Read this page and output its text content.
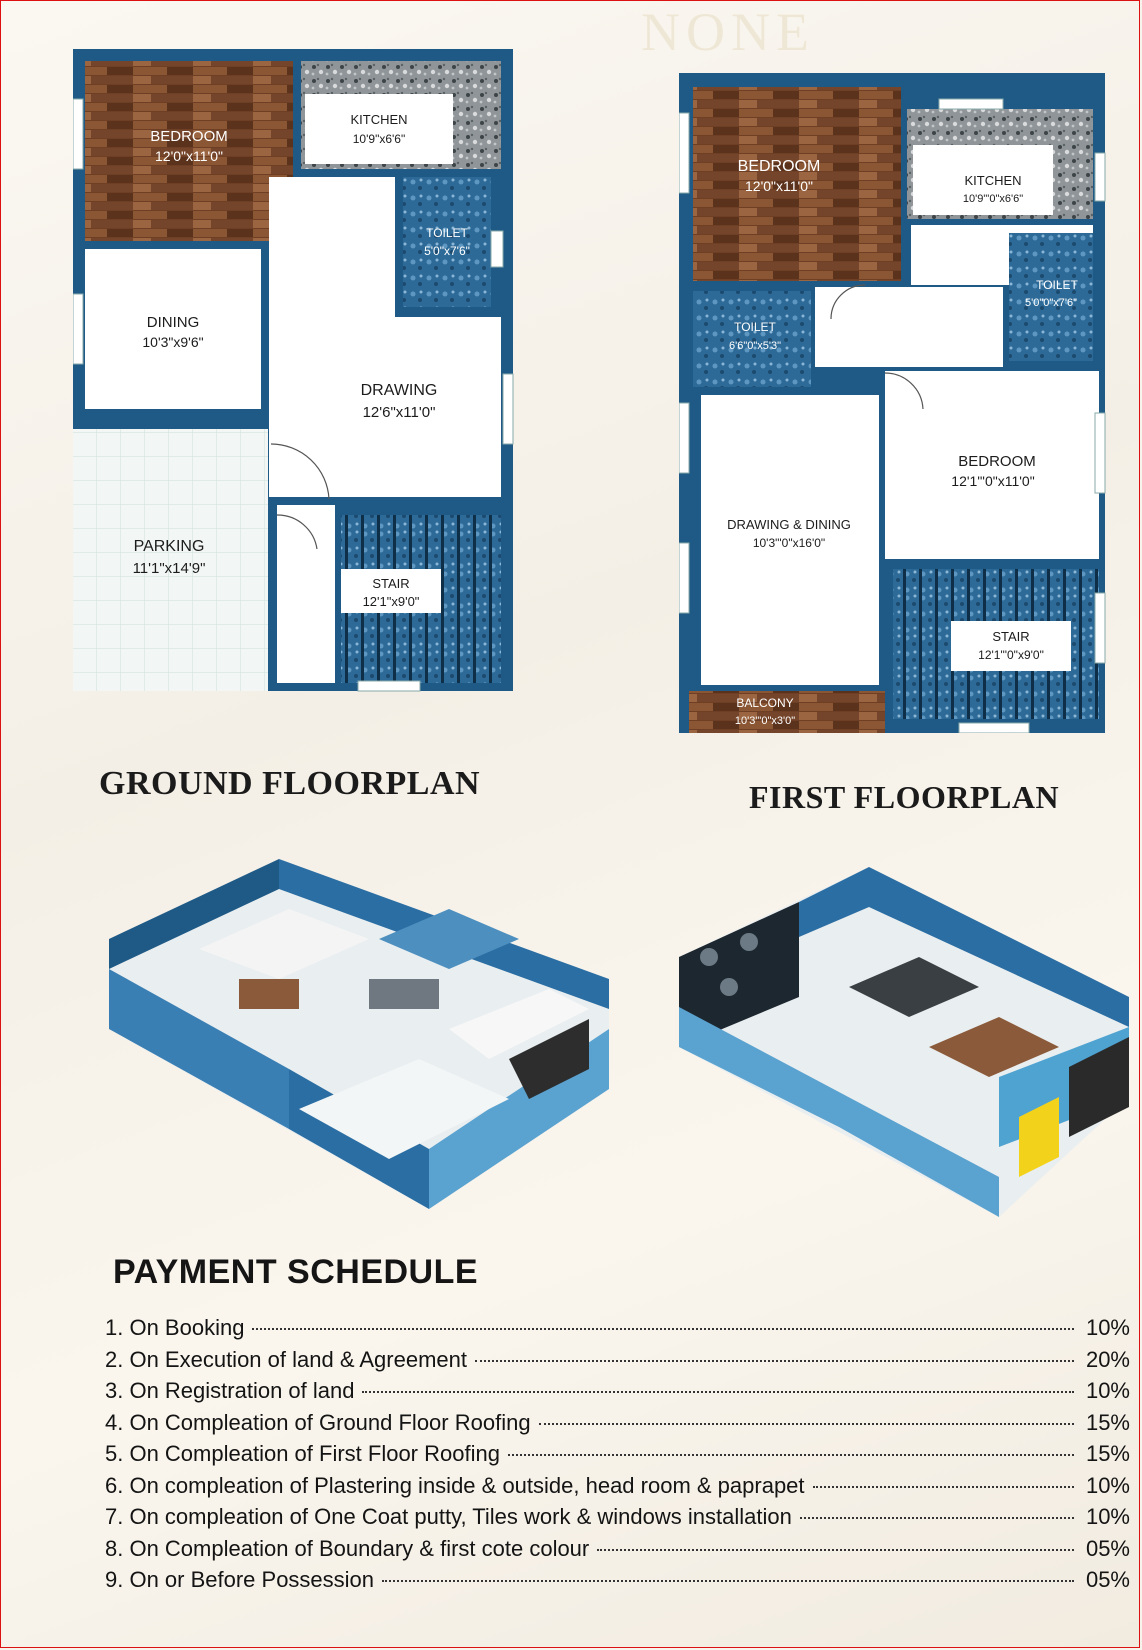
NONE
BEDROOM
12'0"x11'0"
KITCHEN
10'9"x6'6"
TOILET
5'0"x7'6"
DINING
10'3"x9'6"
DRAWING
12'6"x11'0"
PARKING
11'1"x14'9"
STAIR
12'1"x9'0"
GROUND FLOORPLAN
BEDROOM
12'0"x11'0"	KITCHEN
10'9"'0"x6'6"
TOILET
5'0"0"x7'6"
TOILET
6'6"0"x5'3"
BEDROOM
12'1"'0"x11'0"
DRAWING & DINING
10'3"'0"x16'0"
STAIR
12'1"'0"x9'0"
BALCONY
10'3"'0"x3'0"
FIRST FLOORPLAN
PAYMENT SCHEDULE
1. On Booking	10%
2. On Execution of land & Agreement	20%
3. On Registration of land	10%
4. On Compleation of Ground Floor Roofing	15%
5. On Compleation of First Floor Roofing	15%
6. On compleation of Plastering inside & outside, head room & paprapet	10%
7. On compleation of One Coat putty, Tiles work & windows installation	10%
8. On Compleation of Boundary & first cote colour	05%
9. On or Before Possession	05%
